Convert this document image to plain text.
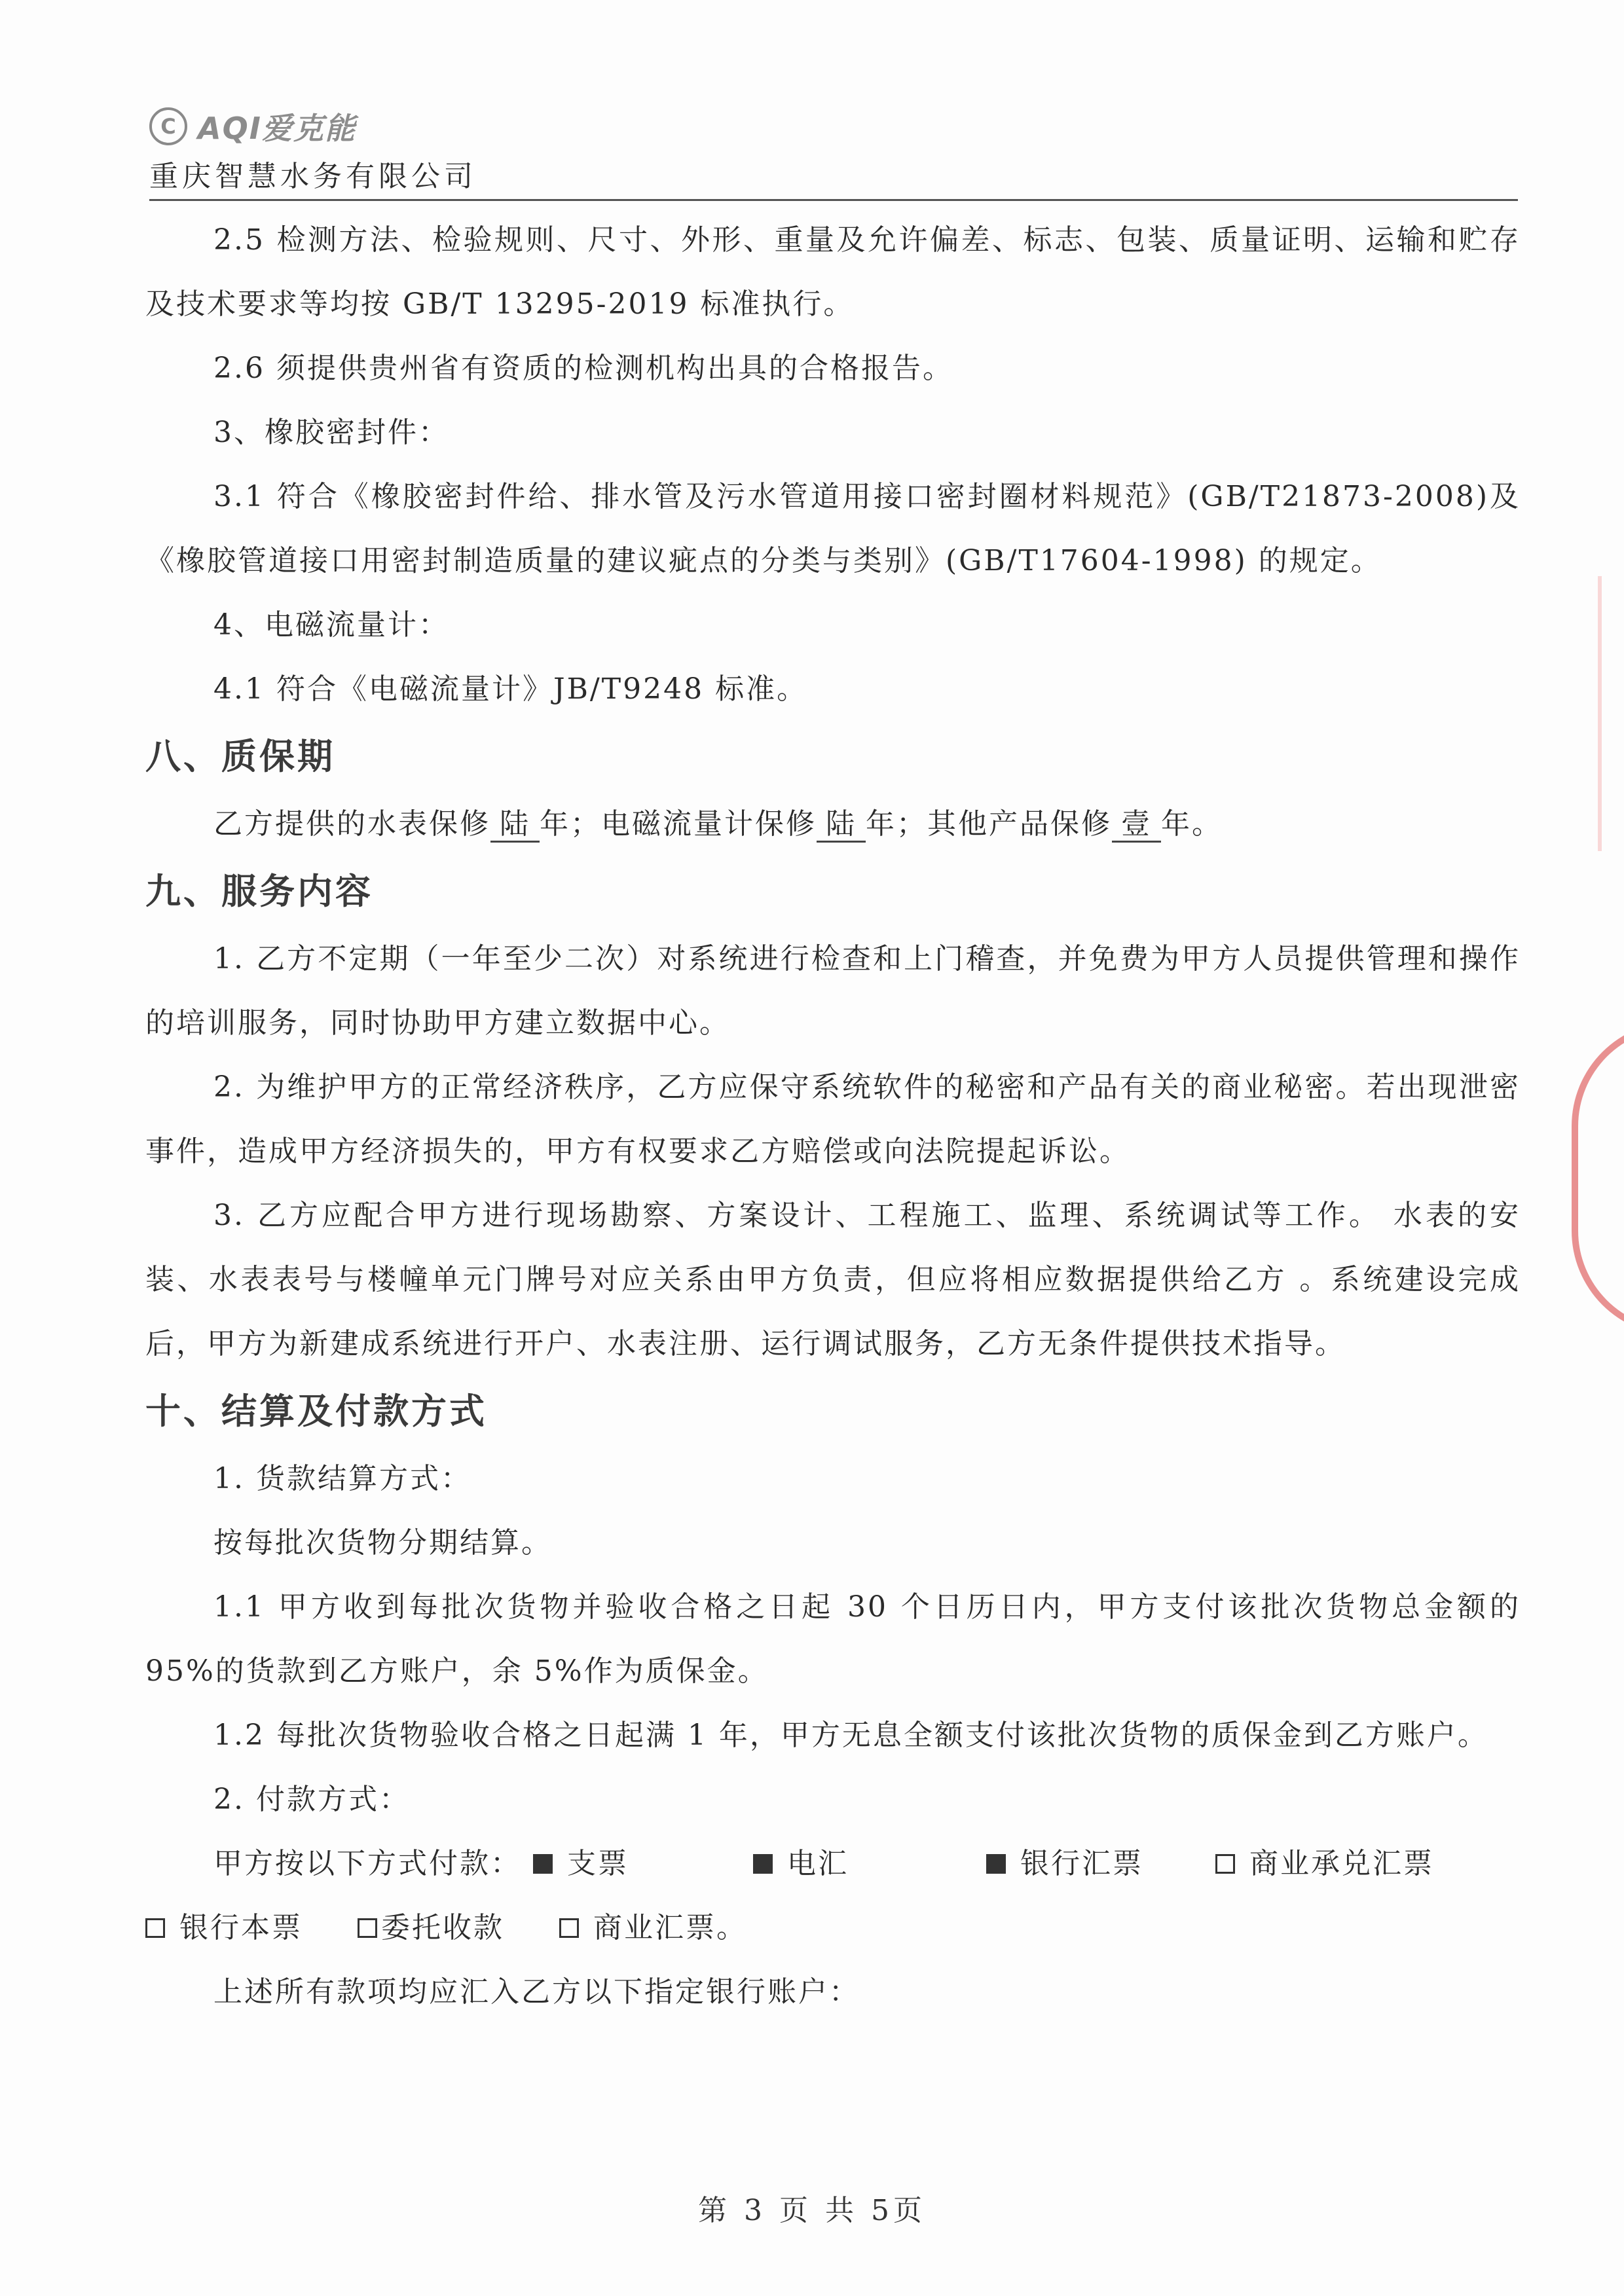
C AQI爱克能
重庆智慧水务有限公司

2.5 检测方法、检验规则、尺寸、外形、重量及允许偏差、标志、包装、质量证明、运输和贮存及技术要求等均按 GB/T 13295-2019 标准执行。

2.6 须提供贵州省有资质的检测机构出具的合格报告。

3、橡胶密封件：

3.1 符合《橡胶密封件给、排水管及污水管道用接口密封圈材料规范》(GB/T21873-2008)及《橡胶管道接口用密封制造质量的建议疵点的分类与类别》(GB/T17604-1998) 的规定。

4、电磁流量计：

4.1 符合《电磁流量计》JB/T9248 标准。

八、质保期

乙方提供的水表保修 陆 年；电磁流量计保修 陆 年；其他产品保修 壹 年。

九、服务内容

1. 乙方不定期（一年至少二次）对系统进行检查和上门稽查，并免费为甲方人员提供管理和操作的培训服务，同时协助甲方建立数据中心。

2. 为维护甲方的正常经济秩序，乙方应保守系统软件的秘密和产品有关的商业秘密。若出现泄密事件，造成甲方经济损失的，甲方有权要求乙方赔偿或向法院提起诉讼。

3. 乙方应配合甲方进行现场勘察、方案设计、工程施工、监理、系统调试等工作。 水表的安装、水表表号与楼幢单元门牌号对应关系由甲方负责，但应将相应数据提供给乙方 。系统建设完成后，甲方为新建成系统进行开户、水表注册、运行调试服务，乙方无条件提供技术指导。

十、结算及付款方式

1. 货款结算方式：

按每批次货物分期结算。

1.1 甲方收到每批次货物并验收合格之日起 30 个日历日内，甲方支付该批次货物总金额的 95%的货款到乙方账户，余 5%作为质保金。

1.2 每批次货物验收合格之日起满 1 年，甲方无息全额支付该批次货物的质保金到乙方账户。

2. 付款方式：

甲方按以下方式付款： 支票	电汇	银行汇票	商业承兑汇票
银行本票	委托收款	商业汇票。

上述所有款项均应汇入乙方以下指定银行账户：

第 3 页 共 5页
